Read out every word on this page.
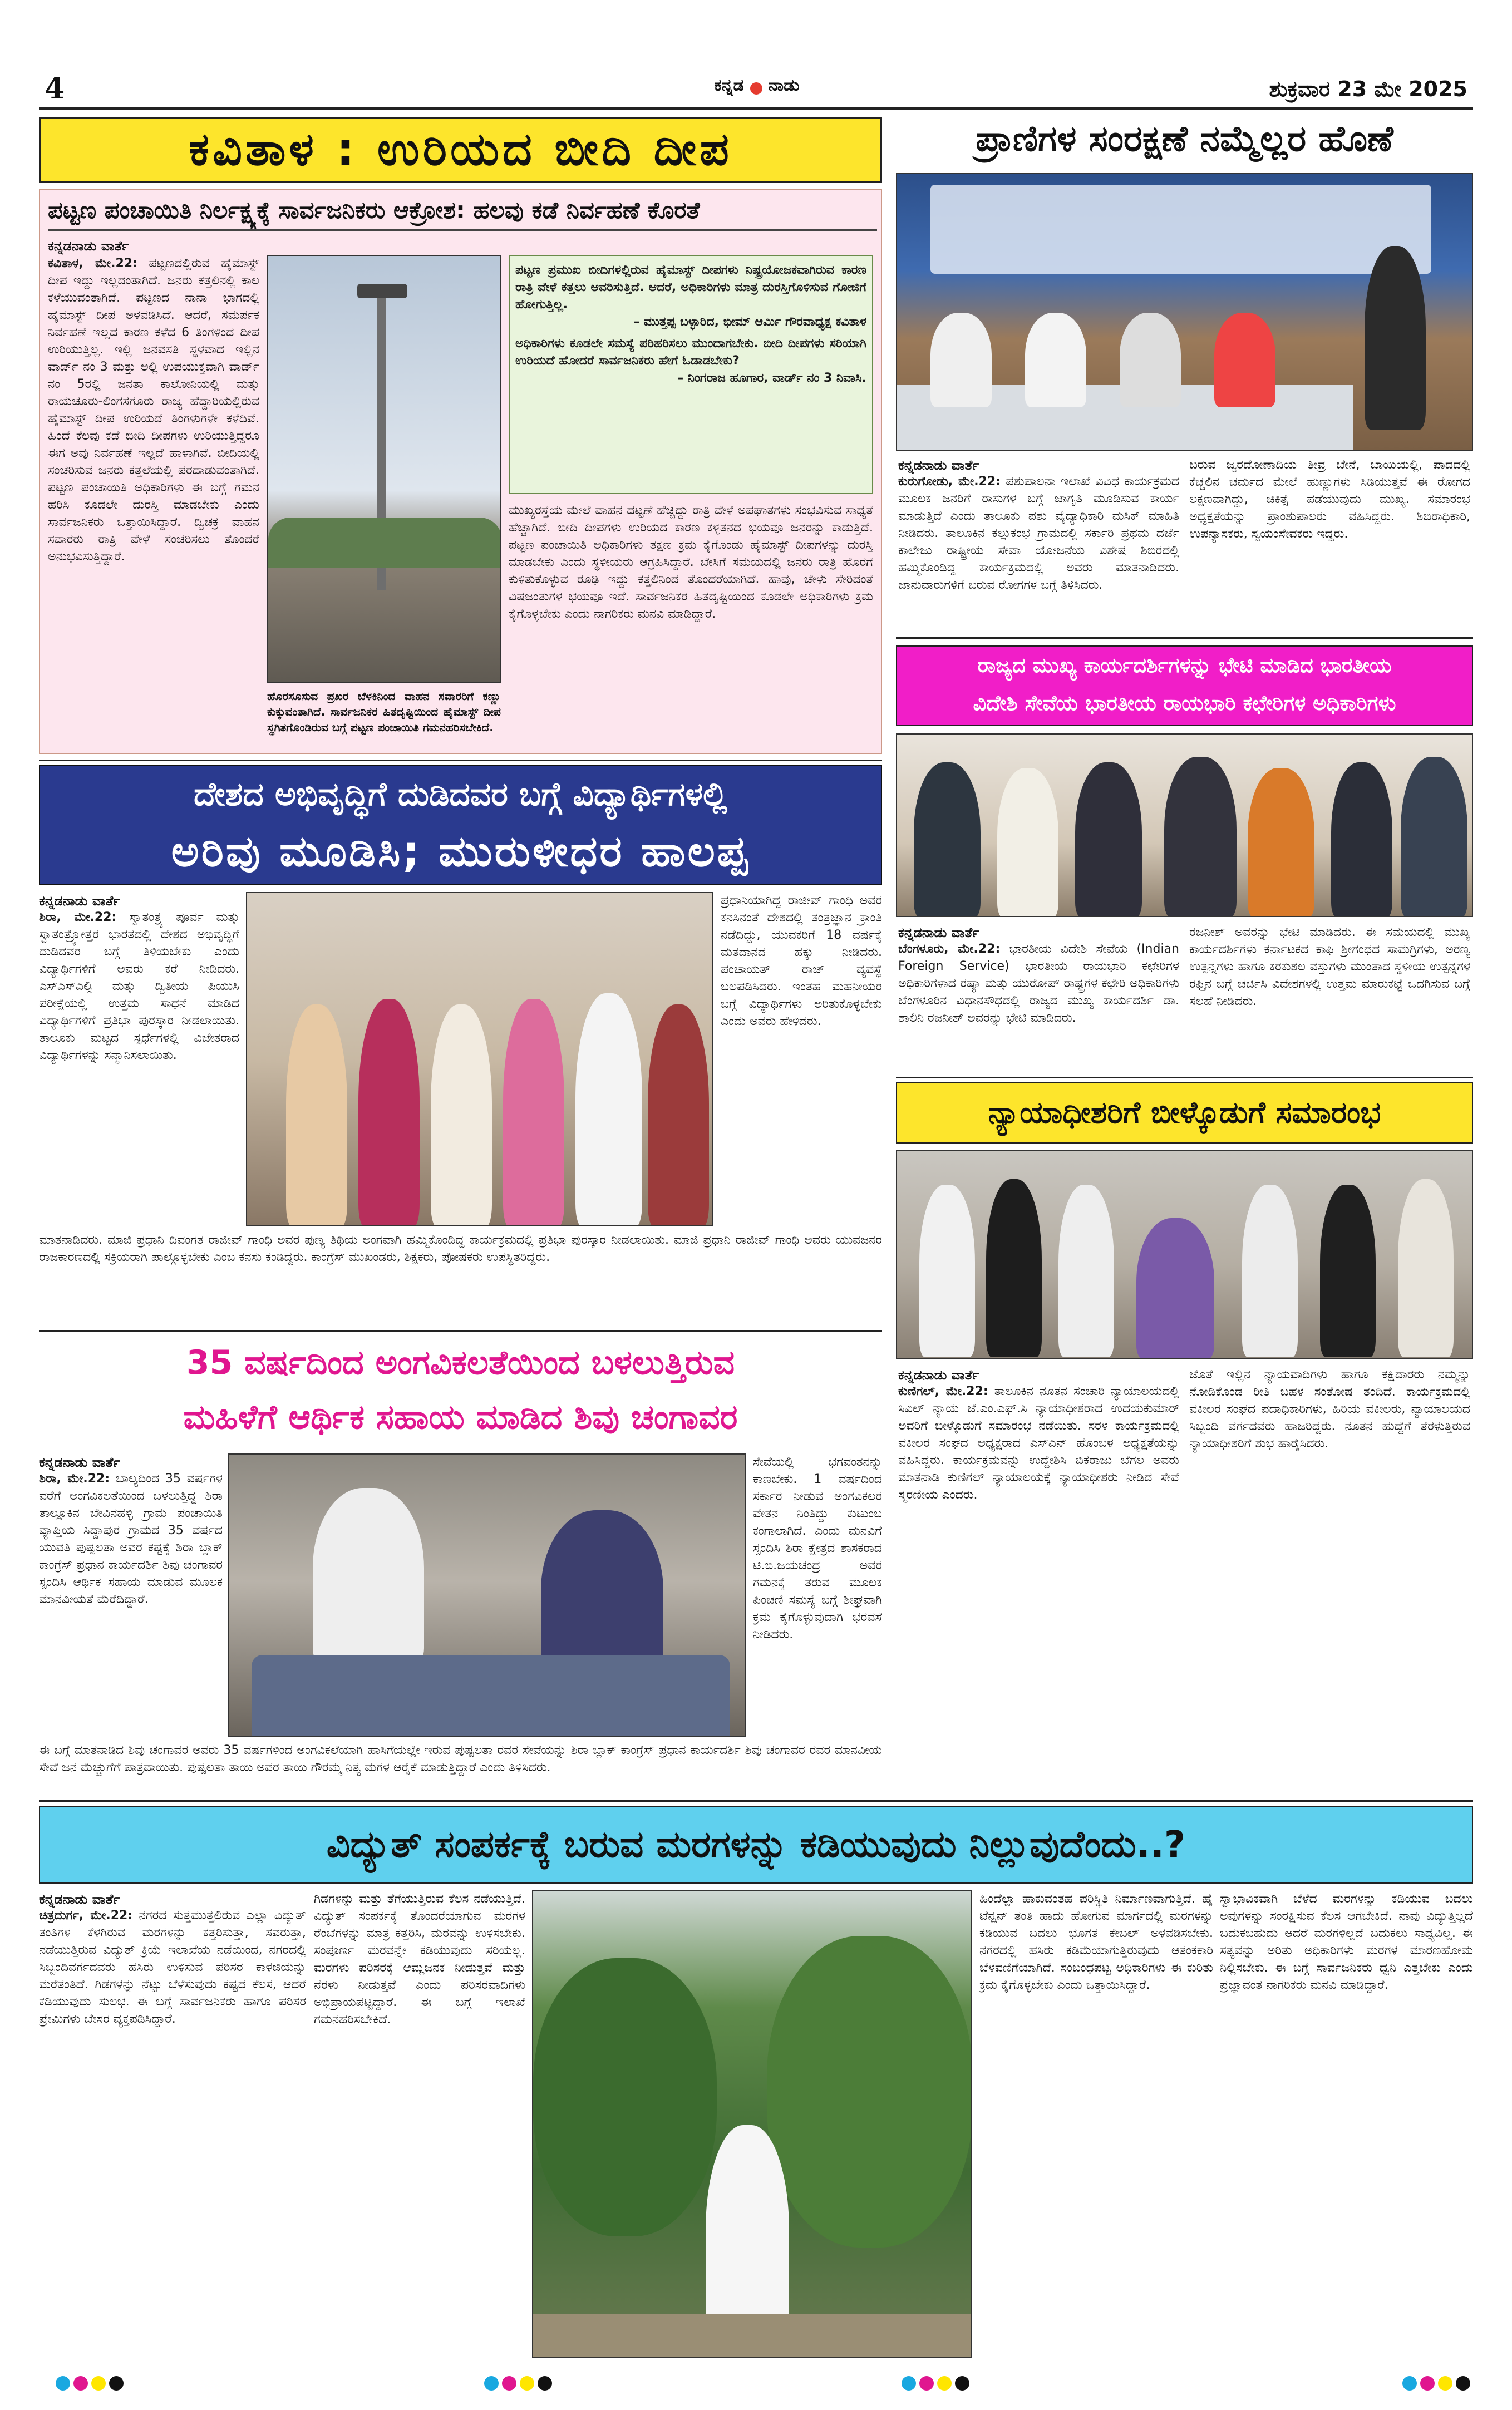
4	ಕನ್ನಡ ನಾಡು	ಶುಕ್ರವಾರ 23 ಮೇ 2025
ಕವಿತಾಳ : ಉರಿಯದ ಬೀದಿ ದೀಪ
ಪಟ್ಟಣ ಪಂಚಾಯಿತಿ ನಿರ್ಲಕ್ಷ್ಯಕ್ಕೆ ಸಾರ್ವಜನಿಕರು ಆಕ್ರೋಶ: ಹಲವು ಕಡೆ ನಿರ್ವಹಣೆ ಕೊರತೆ
ಕನ್ನಡನಾಡು ವಾರ್ತೆ
ಕವಿತಾಳ, ಮೇ.22: ಪಟ್ಟಣದಲ್ಲಿರುವ ಹೈಮಾಸ್ಟ್ ದೀಪ ಇದ್ದು ಇಲ್ಲದಂತಾಗಿದೆ. ಜನರು ಕತ್ತಲಿನಲ್ಲಿ ಕಾಲ ಕಳೆಯುವಂತಾಗಿದೆ. ಪಟ್ಟಣದ ನಾನಾ ಭಾಗದಲ್ಲಿ ಹೈಮಾಸ್ಟ್ ದೀಪ ಅಳವಡಿಸಿದೆ. ಆದರೆ, ಸಮರ್ಪಕ ನಿರ್ವಹಣೆ ಇಲ್ಲದ ಕಾರಣ ಕಳೆದ 6 ತಿಂಗಳಿಂದ ದೀಪ ಉರಿಯುತ್ತಿಲ್ಲ. ಇಲ್ಲಿ ಜನವಸತಿ ಸ್ಥಳವಾದ ಇಲ್ಲಿನ ವಾರ್ಡ್ ನಂ 3 ಮತ್ತು ಅಲ್ಲಿ ಉಪಯುಕ್ತವಾಗಿ ವಾರ್ಡ್ ನಂ 5ರಲ್ಲಿ ಜನತಾ ಕಾಲೋನಿಯಲ್ಲಿ ಮತ್ತು ರಾಯಚೂರು-ಲಿಂಗಸಗೂರು ರಾಜ್ಯ ಹೆದ್ದಾರಿಯಲ್ಲಿರುವ ಹೈಮಾಸ್ಟ್ ದೀಪ ಉರಿಯದೆ ತಿಂಗಳುಗಳೇ ಕಳೆದಿವೆ. ಹಿಂದೆ ಕೆಲವು ಕಡೆ ಬೀದಿ ದೀಪಗಳು ಉರಿಯುತ್ತಿದ್ದರೂ ಈಗ ಅವು ನಿರ್ವಹಣೆ ಇಲ್ಲದೆ ಹಾಳಾಗಿವೆ. ಬೀದಿಯಲ್ಲಿ ಸಂಚರಿಸುವ ಜನರು ಕತ್ತಲೆಯಲ್ಲಿ ಪರದಾಡುವಂತಾಗಿದೆ. ಪಟ್ಟಣ ಪಂಚಾಯಿತಿ ಅಧಿಕಾರಿಗಳು ಈ ಬಗ್ಗೆ ಗಮನ ಹರಿಸಿ ಕೂಡಲೇ ದುರಸ್ತಿ ಮಾಡಬೇಕು ಎಂದು ಸಾರ್ವಜನಿಕರು ಒತ್ತಾಯಿಸಿದ್ದಾರೆ. ದ್ವಿಚಕ್ರ ವಾಹನ ಸವಾರರು ರಾತ್ರಿ ವೇಳೆ ಸಂಚರಿಸಲು ತೊಂದರೆ ಅನುಭವಿಸುತ್ತಿದ್ದಾರೆ.
ಹೊರಸೂಸುವ ಪ್ರಖರ ಬೆಳಕಿನಿಂದ ವಾಹನ ಸವಾರರಿಗೆ ಕಣ್ಣು ಕುಕ್ಕುವಂತಾಗಿದೆ. ಸಾರ್ವಜನಿಕರ ಹಿತದೃಷ್ಟಿಯಿಂದ ಹೈಮಾಸ್ಟ್ ದೀಪ ಸ್ಥಗಿತಗೊಂಡಿರುವ ಬಗ್ಗೆ ಪಟ್ಟಣ ಪಂಚಾಯಿತಿ ಗಮನಹರಿಸಬೇಕಿದೆ.
ಪಟ್ಟಣ ಪ್ರಮುಖ ಬೀದಿಗಳಲ್ಲಿರುವ ಹೈಮಾಸ್ಟ್ ದೀಪಗಳು ನಿಷ್ಪ್ರಯೋಜಕವಾಗಿರುವ ಕಾರಣ ರಾತ್ರಿ ವೇಳೆ ಕತ್ತಲು ಆವರಿಸುತ್ತಿದೆ. ಆದರೆ, ಅಧಿಕಾರಿಗಳು ಮಾತ್ರ ದುರಸ್ತಿಗೊಳಿಸುವ ಗೋಜಿಗೆ ಹೋಗುತ್ತಿಲ್ಲ.
– ಮುತ್ತಪ್ಪ ಬಳ್ಳಾರಿದ, ಭೀಮ್ ಆರ್ಮಿ ಗೌರವಾಧ್ಯಕ್ಷ ಕವಿತಾಳ
ಅಧಿಕಾರಿಗಳು ಕೂಡಲೇ ಸಮಸ್ಯೆ ಪರಿಹರಿಸಲು ಮುಂದಾಗಬೇಕು. ಬೀದಿ ದೀಪಗಳು ಸರಿಯಾಗಿ ಉರಿಯದೆ ಹೋದರೆ ಸಾರ್ವಜನಿಕರು ಹೇಗೆ ಓಡಾಡಬೇಕು?
– ನಿಂಗರಾಜ ಹೂಗಾರ, ವಾರ್ಡ್ ನಂ 3 ನಿವಾಸಿ.
ಮುಖ್ಯರಸ್ತೆಯ ಮೇಲೆ ವಾಹನ ದಟ್ಟಣೆ ಹೆಚ್ಚಿದ್ದು ರಾತ್ರಿ ವೇಳೆ ಅಪಘಾತಗಳು ಸಂಭವಿಸುವ ಸಾಧ್ಯತೆ ಹೆಚ್ಚಾಗಿದೆ. ಬೀದಿ ದೀಪಗಳು ಉರಿಯದ ಕಾರಣ ಕಳ್ಳತನದ ಭಯವೂ ಜನರನ್ನು ಕಾಡುತ್ತಿದೆ. ಪಟ್ಟಣ ಪಂಚಾಯಿತಿ ಅಧಿಕಾರಿಗಳು ತಕ್ಷಣ ಕ್ರಮ ಕೈಗೊಂಡು ಹೈಮಾಸ್ಟ್ ದೀಪಗಳನ್ನು ದುರಸ್ತಿ ಮಾಡಬೇಕು ಎಂದು ಸ್ಥಳೀಯರು ಆಗ್ರಹಿಸಿದ್ದಾರೆ. ಬೇಸಿಗೆ ಸಮಯದಲ್ಲಿ ಜನರು ರಾತ್ರಿ ಹೊರಗೆ ಕುಳಿತುಕೊಳ್ಳುವ ರೂಢಿ ಇದ್ದು ಕತ್ತಲಿನಿಂದ ತೊಂದರೆಯಾಗಿದೆ. ಹಾವು, ಚೇಳು ಸೇರಿದಂತೆ ವಿಷಜಂತುಗಳ ಭಯವೂ ಇದೆ. ಸಾರ್ವಜನಿಕರ ಹಿತದೃಷ್ಟಿಯಿಂದ ಕೂಡಲೇ ಅಧಿಕಾರಿಗಳು ಕ್ರಮ ಕೈಗೊಳ್ಳಬೇಕು ಎಂದು ನಾಗರಿಕರು ಮನವಿ ಮಾಡಿದ್ದಾರೆ.
ಪ್ರಾಣಿಗಳ ಸಂರಕ್ಷಣೆ ನಮ್ಮೆಲ್ಲರ ಹೊಣೆ
ಕನ್ನಡನಾಡು ವಾರ್ತೆ
ಕುರುಗೋಡು, ಮೇ.22: ಪಶುಪಾಲನಾ ಇಲಾಖೆ ವಿವಿಧ ಕಾರ್ಯಕ್ರಮದ ಮೂಲಕ ಜನರಿಗೆ ರಾಸುಗಳ ಬಗ್ಗೆ ಜಾಗೃತಿ ಮೂಡಿಸುವ ಕಾರ್ಯ ಮಾಡುತ್ತಿದೆ ಎಂದು ತಾಲೂಕು ಪಶು ವೈದ್ಯಾಧಿಕಾರಿ ಮಸಿಕ್ ಮಾಹಿತಿ ನೀಡಿದರು. ತಾಲೂಕಿನ ಕಲ್ಲುಕಂಭ ಗ್ರಾಮದಲ್ಲಿ ಸರ್ಕಾರಿ ಪ್ರಥಮ ದರ್ಜೆ ಕಾಲೇಜು ರಾಷ್ಟ್ರೀಯ ಸೇವಾ ಯೋಜನೆಯ ವಿಶೇಷ ಶಿಬಿರದಲ್ಲಿ ಹಮ್ಮಿಕೊಂಡಿದ್ದ ಕಾರ್ಯಕ್ರಮದಲ್ಲಿ ಅವರು ಮಾತನಾಡಿದರು. ಜಾನುವಾರುಗಳಿಗೆ ಬರುವ ರೋಗಗಳ ಬಗ್ಗೆ ತಿಳಿಸಿದರು.
ಬರುವ ಜ್ವರದೋಣಾದಿಯ ತೀವ್ರ ಬೇನೆ, ಬಾಯಿಯಲ್ಲಿ, ಪಾದದಲ್ಲಿ ಕೆಚ್ಚಲಿನ ಚರ್ಮದ ಮೇಲೆ ಹುಣ್ಣುಗಳು ಸಿಡಿಯುತ್ತವೆ ಈ ರೋಗದ ಲಕ್ಷಣವಾಗಿದ್ದು, ಚಿಕಿತ್ಸೆ ಪಡೆಯುವುದು ಮುಖ್ಯ. ಸಮಾರಂಭ ಅಧ್ಯಕ್ಷತೆಯನ್ನು ಪ್ರಾಂಶುಪಾಲರು ವಹಿಸಿದ್ದರು. ಶಿಬಿರಾಧಿಕಾರಿ, ಉಪನ್ಯಾಸಕರು, ಸ್ವಯಂಸೇವಕರು ಇದ್ದರು.
ರಾಜ್ಯದ ಮುಖ್ಯ ಕಾರ್ಯದರ್ಶಿಗಳನ್ನು ಭೇಟಿ ಮಾಡಿದ ಭಾರತೀಯ
ವಿದೇಶಿ ಸೇವೆಯ ಭಾರತೀಯ ರಾಯಭಾರಿ ಕಛೇರಿಗಳ ಅಧಿಕಾರಿಗಳು
ಕನ್ನಡನಾಡು ವಾರ್ತೆ
ಬೆಂಗಳೂರು, ಮೇ.22: ಭಾರತೀಯ ವಿದೇಶಿ ಸೇವೆಯ (Indian Foreign Service) ಭಾರತೀಯ ರಾಯಭಾರಿ ಕಛೇರಿಗಳ ಅಧಿಕಾರಿಗಳಾದ ರಷ್ಯಾ ಮತ್ತು ಯುರೋಪ್ ರಾಷ್ಟ್ರಗಳ ಕಛೇರಿ ಅಧಿಕಾರಿಗಳು ಬೆಂಗಳೂರಿನ ವಿಧಾನಸೌಧದಲ್ಲಿ ರಾಜ್ಯದ ಮುಖ್ಯ ಕಾರ್ಯದರ್ಶಿ ಡಾ. ಶಾಲಿನಿ ರಜನೀಶ್ ಅವರನ್ನು ಭೇಟಿ ಮಾಡಿದರು.
ರಜನೀಶ್ ಅವರನ್ನು ಭೇಟಿ ಮಾಡಿದರು. ಈ ಸಮಯದಲ್ಲಿ ಮುಖ್ಯ ಕಾರ್ಯದರ್ಶಿಗಳು ಕರ್ನಾಟಕದ ಕಾಫಿ ಶ್ರೀಗಂಧದ ಸಾಮಗ್ರಿಗಳು, ಅರಣ್ಯ ಉತ್ಪನ್ನಗಳು ಹಾಗೂ ಕರಕುಶಲ ವಸ್ತುಗಳು ಮುಂತಾದ ಸ್ಥಳೀಯ ಉತ್ಪನ್ನಗಳ ರಫ್ತಿನ ಬಗ್ಗೆ ಚರ್ಚಿಸಿ ವಿದೇಶಗಳಲ್ಲಿ ಉತ್ತಮ ಮಾರುಕಟ್ಟೆ ಒದಗಿಸುವ ಬಗ್ಗೆ ಸಲಹೆ ನೀಡಿದರು.
ನ್ಯಾಯಾಧೀಶರಿಗೆ ಬೀಳ್ಕೊಡುಗೆ ಸಮಾರಂಭ
ಕನ್ನಡನಾಡು ವಾರ್ತೆ
ಕುಣಿಗಲ್, ಮೇ.22: ತಾಲೂಕಿನ ನೂತನ ಸಂಚಾರಿ ನ್ಯಾಯಾಲಯದಲ್ಲಿ ಸಿವಿಲ್ ನ್ಯಾಯ ಜೆ.ಎಂ.ಎಫ್.ಸಿ ನ್ಯಾಯಾಧೀಶರಾದ ಉದಯಕುಮಾರ್ ಅವರಿಗೆ ಬೀಳ್ಕೊಡುಗೆ ಸಮಾರಂಭ ನಡೆಯಿತು. ಸರಳ ಕಾರ್ಯಕ್ರಮದಲ್ಲಿ ವಕೀಲರ ಸಂಘದ ಅಧ್ಯಕ್ಷರಾದ ಎಸ್ಎನ್ ಹೊಂಬಳ ಅಧ್ಯಕ್ಷತೆಯನ್ನು ವಹಿಸಿದ್ದರು. ಕಾರ್ಯಕ್ರಮವನ್ನು ಉದ್ದೇಶಿಸಿ ಬಿಕರಾಜು ಬೆಗಲ ಅವರು ಮಾತನಾಡಿ ಕುಣಿಗಲ್ ನ್ಯಾಯಾಲಯಕ್ಕೆ ನ್ಯಾಯಾಧೀಶರು ನೀಡಿದ ಸೇವೆ ಸ್ಮರಣೀಯ ಎಂದರು.
ಜೊತೆ ಇಲ್ಲಿನ ನ್ಯಾಯವಾದಿಗಳು ಹಾಗೂ ಕಕ್ಷಿದಾರರು ನಮ್ಮನ್ನು ನೋಡಿಕೊಂಡ ರೀತಿ ಬಹಳ ಸಂತೋಷ ತಂದಿದೆ. ಕಾರ್ಯಕ್ರಮದಲ್ಲಿ ವಕೀಲರ ಸಂಘದ ಪದಾಧಿಕಾರಿಗಳು, ಹಿರಿಯ ವಕೀಲರು, ನ್ಯಾಯಾಲಯದ ಸಿಬ್ಬಂದಿ ವರ್ಗದವರು ಹಾಜರಿದ್ದರು. ನೂತನ ಹುದ್ದೆಗೆ ತೆರಳುತ್ತಿರುವ ನ್ಯಾಯಾಧೀಶರಿಗೆ ಶುಭ ಹಾರೈಸಿದರು.
ದೇಶದ ಅಭಿವೃದ್ಧಿಗೆ ದುಡಿದವರ ಬಗ್ಗೆ ವಿದ್ಯಾರ್ಥಿಗಳಲ್ಲಿ
ಅರಿವು ಮೂಡಿಸಿ; ಮುರುಳೀಧರ ಹಾಲಪ್ಪ
ಕನ್ನಡನಾಡು ವಾರ್ತೆ
ಶಿರಾ, ಮೇ.22: ಸ್ವಾತಂತ್ರ್ಯ ಪೂರ್ವ ಮತ್ತು ಸ್ವಾತಂತ್ರ್ಯೋತ್ತರ ಭಾರತದಲ್ಲಿ ದೇಶದ ಅಭಿವೃದ್ಧಿಗೆ ದುಡಿದವರ ಬಗ್ಗೆ ತಿಳಿಯಬೇಕು ಎಂದು ವಿದ್ಯಾರ್ಥಿಗಳಿಗೆ ಅವರು ಕರೆ ನೀಡಿದರು. ಎಸ್ಎಸ್ಎಲ್ಸಿ ಮತ್ತು ದ್ವಿತೀಯ ಪಿಯುಸಿ ಪರೀಕ್ಷೆಯಲ್ಲಿ ಉತ್ತಮ ಸಾಧನೆ ಮಾಡಿದ ವಿದ್ಯಾರ್ಥಿಗಳಿಗೆ ಪ್ರತಿಭಾ ಪುರಸ್ಕಾರ ನೀಡಲಾಯಿತು. ತಾಲೂಕು ಮಟ್ಟದ ಸ್ಪರ್ಧೆಗಳಲ್ಲಿ ವಿಜೇತರಾದ ವಿದ್ಯಾರ್ಥಿಗಳನ್ನು ಸನ್ಮಾನಿಸಲಾಯಿತು.
ಪ್ರಧಾನಿಯಾಗಿದ್ದ ರಾಜೀವ್ ಗಾಂಧಿ ಅವರ ಕನಸಿನಂತೆ ದೇಶದಲ್ಲಿ ತಂತ್ರಜ್ಞಾನ ಕ್ರಾಂತಿ ನಡೆದಿದ್ದು, ಯುವಕರಿಗೆ 18 ವರ್ಷಕ್ಕೆ ಮತದಾನದ ಹಕ್ಕು ನೀಡಿದರು. ಪಂಚಾಯತ್ ರಾಜ್ ವ್ಯವಸ್ಥೆ ಬಲಪಡಿಸಿದರು. ಇಂತಹ ಮಹನೀಯರ ಬಗ್ಗೆ ವಿದ್ಯಾರ್ಥಿಗಳು ಅರಿತುಕೊಳ್ಳಬೇಕು ಎಂದು ಅವರು ಹೇಳಿದರು.
ಮಾತನಾಡಿದರು. ಮಾಜಿ ಪ್ರಧಾನಿ ದಿವಂಗತ ರಾಜೀವ್ ಗಾಂಧಿ ಅವರ ಪುಣ್ಯ ತಿಥಿಯ ಅಂಗವಾಗಿ ಹಮ್ಮಿಕೊಂಡಿದ್ದ ಕಾರ್ಯಕ್ರಮದಲ್ಲಿ ಪ್ರತಿಭಾ ಪುರಸ್ಕಾರ ನೀಡಲಾಯಿತು. ಮಾಜಿ ಪ್ರಧಾನಿ ರಾಜೀವ್ ಗಾಂಧಿ ಅವರು ಯುವಜನರ ರಾಜಕಾರಣದಲ್ಲಿ ಸಕ್ರಿಯರಾಗಿ ಪಾಲ್ಗೊಳ್ಳಬೇಕು ಎಂಬ ಕನಸು ಕಂಡಿದ್ದರು. ಕಾಂಗ್ರೆಸ್ ಮುಖಂಡರು, ಶಿಕ್ಷಕರು, ಪೋಷಕರು ಉಪಸ್ಥಿತರಿದ್ದರು.
35 ವರ್ಷದಿಂದ ಅಂಗವಿಕಲತೆಯಿಂದ ಬಳಲುತ್ತಿರುವ
ಮಹಿಳೆಗೆ ಆರ್ಥಿಕ ಸಹಾಯ ಮಾಡಿದ ಶಿವು ಚಂಗಾವರ
ಕನ್ನಡನಾಡು ವಾರ್ತೆ
ಶಿರಾ, ಮೇ.22: ಬಾಲ್ಯದಿಂದ 35 ವರ್ಷಗಳ ವರೆಗೆ ಅಂಗವಿಕಲತೆಯಿಂದ ಬಳಲುತ್ತಿದ್ದ ಶಿರಾ ತಾಲ್ಲೂಕಿನ ಬೇವಿನಹಳ್ಳಿ ಗ್ರಾಮ ಪಂಚಾಯಿತಿ ವ್ಯಾಪ್ತಿಯ ಸಿದ್ದಾಪುರ ಗ್ರಾಮದ 35 ವರ್ಷದ ಯುವತಿ ಪುಷ್ಪಲತಾ ಅವರ ಕಷ್ಟಕ್ಕೆ ಶಿರಾ ಬ್ಲಾಕ್ ಕಾಂಗ್ರೆಸ್ ಪ್ರಧಾನ ಕಾರ್ಯದರ್ಶಿ ಶಿವು ಚಂಗಾವರ ಸ್ಪಂದಿಸಿ ಆರ್ಥಿಕ ಸಹಾಯ ಮಾಡುವ ಮೂಲಕ ಮಾನವೀಯತೆ ಮೆರೆದಿದ್ದಾರೆ.
ಸೇವೆಯಲ್ಲಿ ಭಗವಂತನನ್ನು ಕಾಣಬೇಕು. 1 ವರ್ಷದಿಂದ ಸರ್ಕಾರ ನೀಡುವ ಅಂಗವಿಕಲರ ವೇತನ ನಿಂತಿದ್ದು ಕುಟುಂಬ ಕಂಗಾಲಾಗಿದೆ. ಎಂದು ಮನವಿಗೆ ಸ್ಪಂದಿಸಿ ಶಿರಾ ಕ್ಷೇತ್ರದ ಶಾಸಕರಾದ ಟಿ.ಬಿ.ಜಯಚಂದ್ರ ಅವರ ಗಮನಕ್ಕೆ ತರುವ ಮೂಲಕ ಪಿಂಚಣಿ ಸಮಸ್ಯೆ ಬಗ್ಗೆ ಶೀಘ್ರವಾಗಿ ಕ್ರಮ ಕೈಗೊಳ್ಳುವುದಾಗಿ ಭರವಸೆ ನೀಡಿದರು.
ಈ ಬಗ್ಗೆ ಮಾತನಾಡಿದ ಶಿವು ಚಂಗಾವರ ಅವರು 35 ವರ್ಷಗಳಿಂದ ಅಂಗವಿಕಲೆಯಾಗಿ ಹಾಸಿಗೆಯಲ್ಲೇ ಇರುವ ಪುಷ್ಪಲತಾ ರವರ ಸೇವೆಯನ್ನು ಶಿರಾ ಬ್ಲಾಕ್ ಕಾಂಗ್ರೆಸ್ ಪ್ರಧಾನ ಕಾರ್ಯದರ್ಶಿ ಶಿವು ಚಂಗಾವರ ರವರ ಮಾನವೀಯ ಸೇವೆ ಜನ ಮೆಚ್ಚುಗೆಗೆ ಪಾತ್ರವಾಯಿತು. ಪುಷ್ಪಲತಾ ತಾಯಿ ಅವರ ತಾಯಿ ಗೌರಮ್ಮ ನಿತ್ಯ ಮಗಳ ಆರೈಕೆ ಮಾಡುತ್ತಿದ್ದಾರೆ ಎಂದು ತಿಳಿಸಿದರು.
ವಿದ್ಯುತ್ ಸಂಪರ್ಕಕ್ಕೆ ಬರುವ ಮರಗಳನ್ನು ಕಡಿಯುವುದು ನಿಲ್ಲುವುದೆಂದು..?
ಕನ್ನಡನಾಡು ವಾರ್ತೆ
ಚಿತ್ರದುರ್ಗ, ಮೇ.22: ನಗರದ ಸುತ್ತಮುತ್ತಲಿರುವ ಎಲ್ಲಾ ವಿದ್ಯುತ್ ತಂತಿಗಳ ಕೆಳಗಿರುವ ಮರಗಳನ್ನು ಕತ್ತರಿಸುತ್ತಾ, ಸವರುತ್ತಾ, ನಡೆಯುತ್ತಿರುವ ವಿದ್ಯುತ್ ಕ್ರಿಯೆ ಇಲಾಖೆಯ ನಡೆಯಿಂದ, ನಗರದಲ್ಲಿ ಸಿಬ್ಬಂದಿವರ್ಗದವರು ಹಸಿರು ಉಳಿಸುವ ಪರಿಸರ ಕಾಳಜಿಯನ್ನು ಮರೆತಂತಿದೆ. ಗಿಡಗಳನ್ನು ನೆಟ್ಟು ಬೆಳೆಸುವುದು ಕಷ್ಟದ ಕೆಲಸ, ಆದರೆ ಕಡಿಯುವುದು ಸುಲಭ. ಈ ಬಗ್ಗೆ ಸಾರ್ವಜನಿಕರು ಹಾಗೂ ಪರಿಸರ ಪ್ರೇಮಿಗಳು ಬೇಸರ ವ್ಯಕ್ತಪಡಿಸಿದ್ದಾರೆ.
ಗಿಡಗಳನ್ನು ಮತ್ತು ತೆಗೆಯುತ್ತಿರುವ ಕೆಲಸ ನಡೆಯುತ್ತಿದೆ. ವಿದ್ಯುತ್ ಸಂಪರ್ಕಕ್ಕೆ ತೊಂದರೆಯಾಗುವ ಮರಗಳ ರೆಂಬೆಗಳನ್ನು ಮಾತ್ರ ಕತ್ತರಿಸಿ, ಮರವನ್ನು ಉಳಿಸಬೇಕು. ಸಂಪೂರ್ಣ ಮರವನ್ನೇ ಕಡಿಯುವುದು ಸರಿಯಲ್ಲ. ಮರಗಳು ಪರಿಸರಕ್ಕೆ ಆಮ್ಲಜನಕ ನೀಡುತ್ತವೆ ಮತ್ತು ನೆರಳು ನೀಡುತ್ತವೆ ಎಂದು ಪರಿಸರವಾದಿಗಳು ಅಭಿಪ್ರಾಯಪಟ್ಟಿದ್ದಾರೆ. ಈ ಬಗ್ಗೆ ಇಲಾಖೆ ಗಮನಹರಿಸಬೇಕಿದೆ.
ಹಿಂದೆಲ್ಲಾ ಹಾಕುವಂತಹ ಪರಿಸ್ಥಿತಿ ನಿರ್ಮಾಣವಾಗುತ್ತಿದೆ. ಹೈ ಟೆನ್ಷನ್ ತಂತಿ ಹಾದು ಹೋಗುವ ಮಾರ್ಗದಲ್ಲಿ ಮರಗಳನ್ನು ಕಡಿಯುವ ಬದಲು ಭೂಗತ ಕೇಬಲ್ ಅಳವಡಿಸಬೇಕು. ನಗರದಲ್ಲಿ ಹಸಿರು ಕಡಿಮೆಯಾಗುತ್ತಿರುವುದು ಆತಂಕಕಾರಿ ಬೆಳವಣಿಗೆಯಾಗಿದೆ. ಸಂಬಂಧಪಟ್ಟ ಅಧಿಕಾರಿಗಳು ಈ ಕುರಿತು ಕ್ರಮ ಕೈಗೊಳ್ಳಬೇಕು ಎಂದು ಒತ್ತಾಯಿಸಿದ್ದಾರೆ.
ಸ್ವಾಭಾವಿಕವಾಗಿ ಬೆಳೆದ ಮರಗಳನ್ನು ಕಡಿಯುವ ಬದಲು ಅವುಗಳನ್ನು ಸಂರಕ್ಷಿಸುವ ಕೆಲಸ ಆಗಬೇಕಿದೆ. ನಾವು ವಿದ್ಯುತ್ತಿಲ್ಲದೆ ಬದುಕಬಹುದು ಆದರೆ ಮರಗಳಿಲ್ಲದೆ ಬದುಕಲು ಸಾಧ್ಯವಿಲ್ಲ. ಈ ಸತ್ಯವನ್ನು ಅರಿತು ಅಧಿಕಾರಿಗಳು ಮರಗಳ ಮಾರಣಹೋಮ ನಿಲ್ಲಿಸಬೇಕು. ಈ ಬಗ್ಗೆ ಸಾರ್ವಜನಿಕರು ಧ್ವನಿ ಎತ್ತಬೇಕು ಎಂದು ಪ್ರಜ್ಞಾವಂತ ನಾಗರಿಕರು ಮನವಿ ಮಾಡಿದ್ದಾರೆ.
